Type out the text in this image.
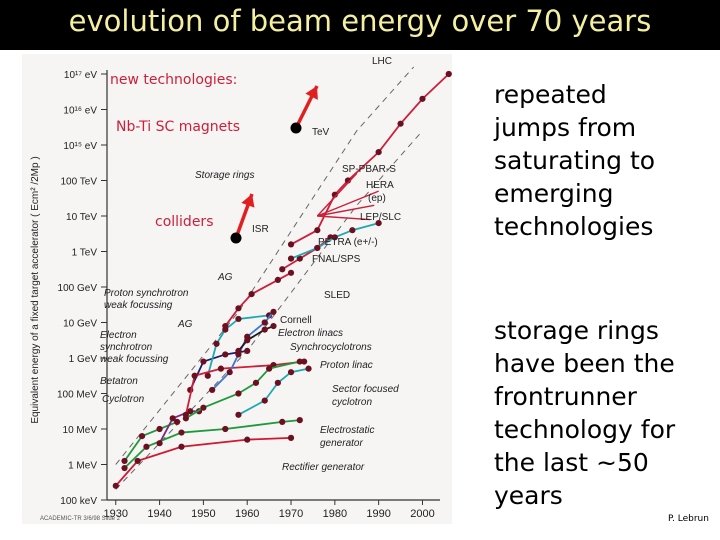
evolution of beam energy over 70 years
100 keV
1 MeV
10 MeV
100 MeV
1 GeV
10 GeV
100 GeV
1 TeV
10 TeV
100 TeV
10¹⁵ eV
10¹⁶ eV
10¹⁷ eV
1930 1940 1950 1960 1970 1980 1990 2000
Equivalent energy of a fixed target accelerator ( Ecm² /2Mp )
ACADEMIC-TR 3/6/98 Slide 2
LHC
TeV
SP-PBAR-S
HERA
(ep)
LEP/SLC
Storage rings
ISR
PETRA (e+/-)
FNAL/SPS
AG
SLED
Proton synchrotron
weak focussing
AG	Cornell
Electron linacs
Synchrocyclotrons
Proton linac
Electron
synchrotron
weak focussing
Betatron
Cyclotron
Sector focused
cyclotron
Electrostatic
generator
Rectifier generator
new technologies:
Nb-Ti SC magnets
colliders
repeated
jumps from
saturating to
emerging
technologies
storage rings
have been the
frontrunner
technology for
the last ~50
years
P. Lebrun
